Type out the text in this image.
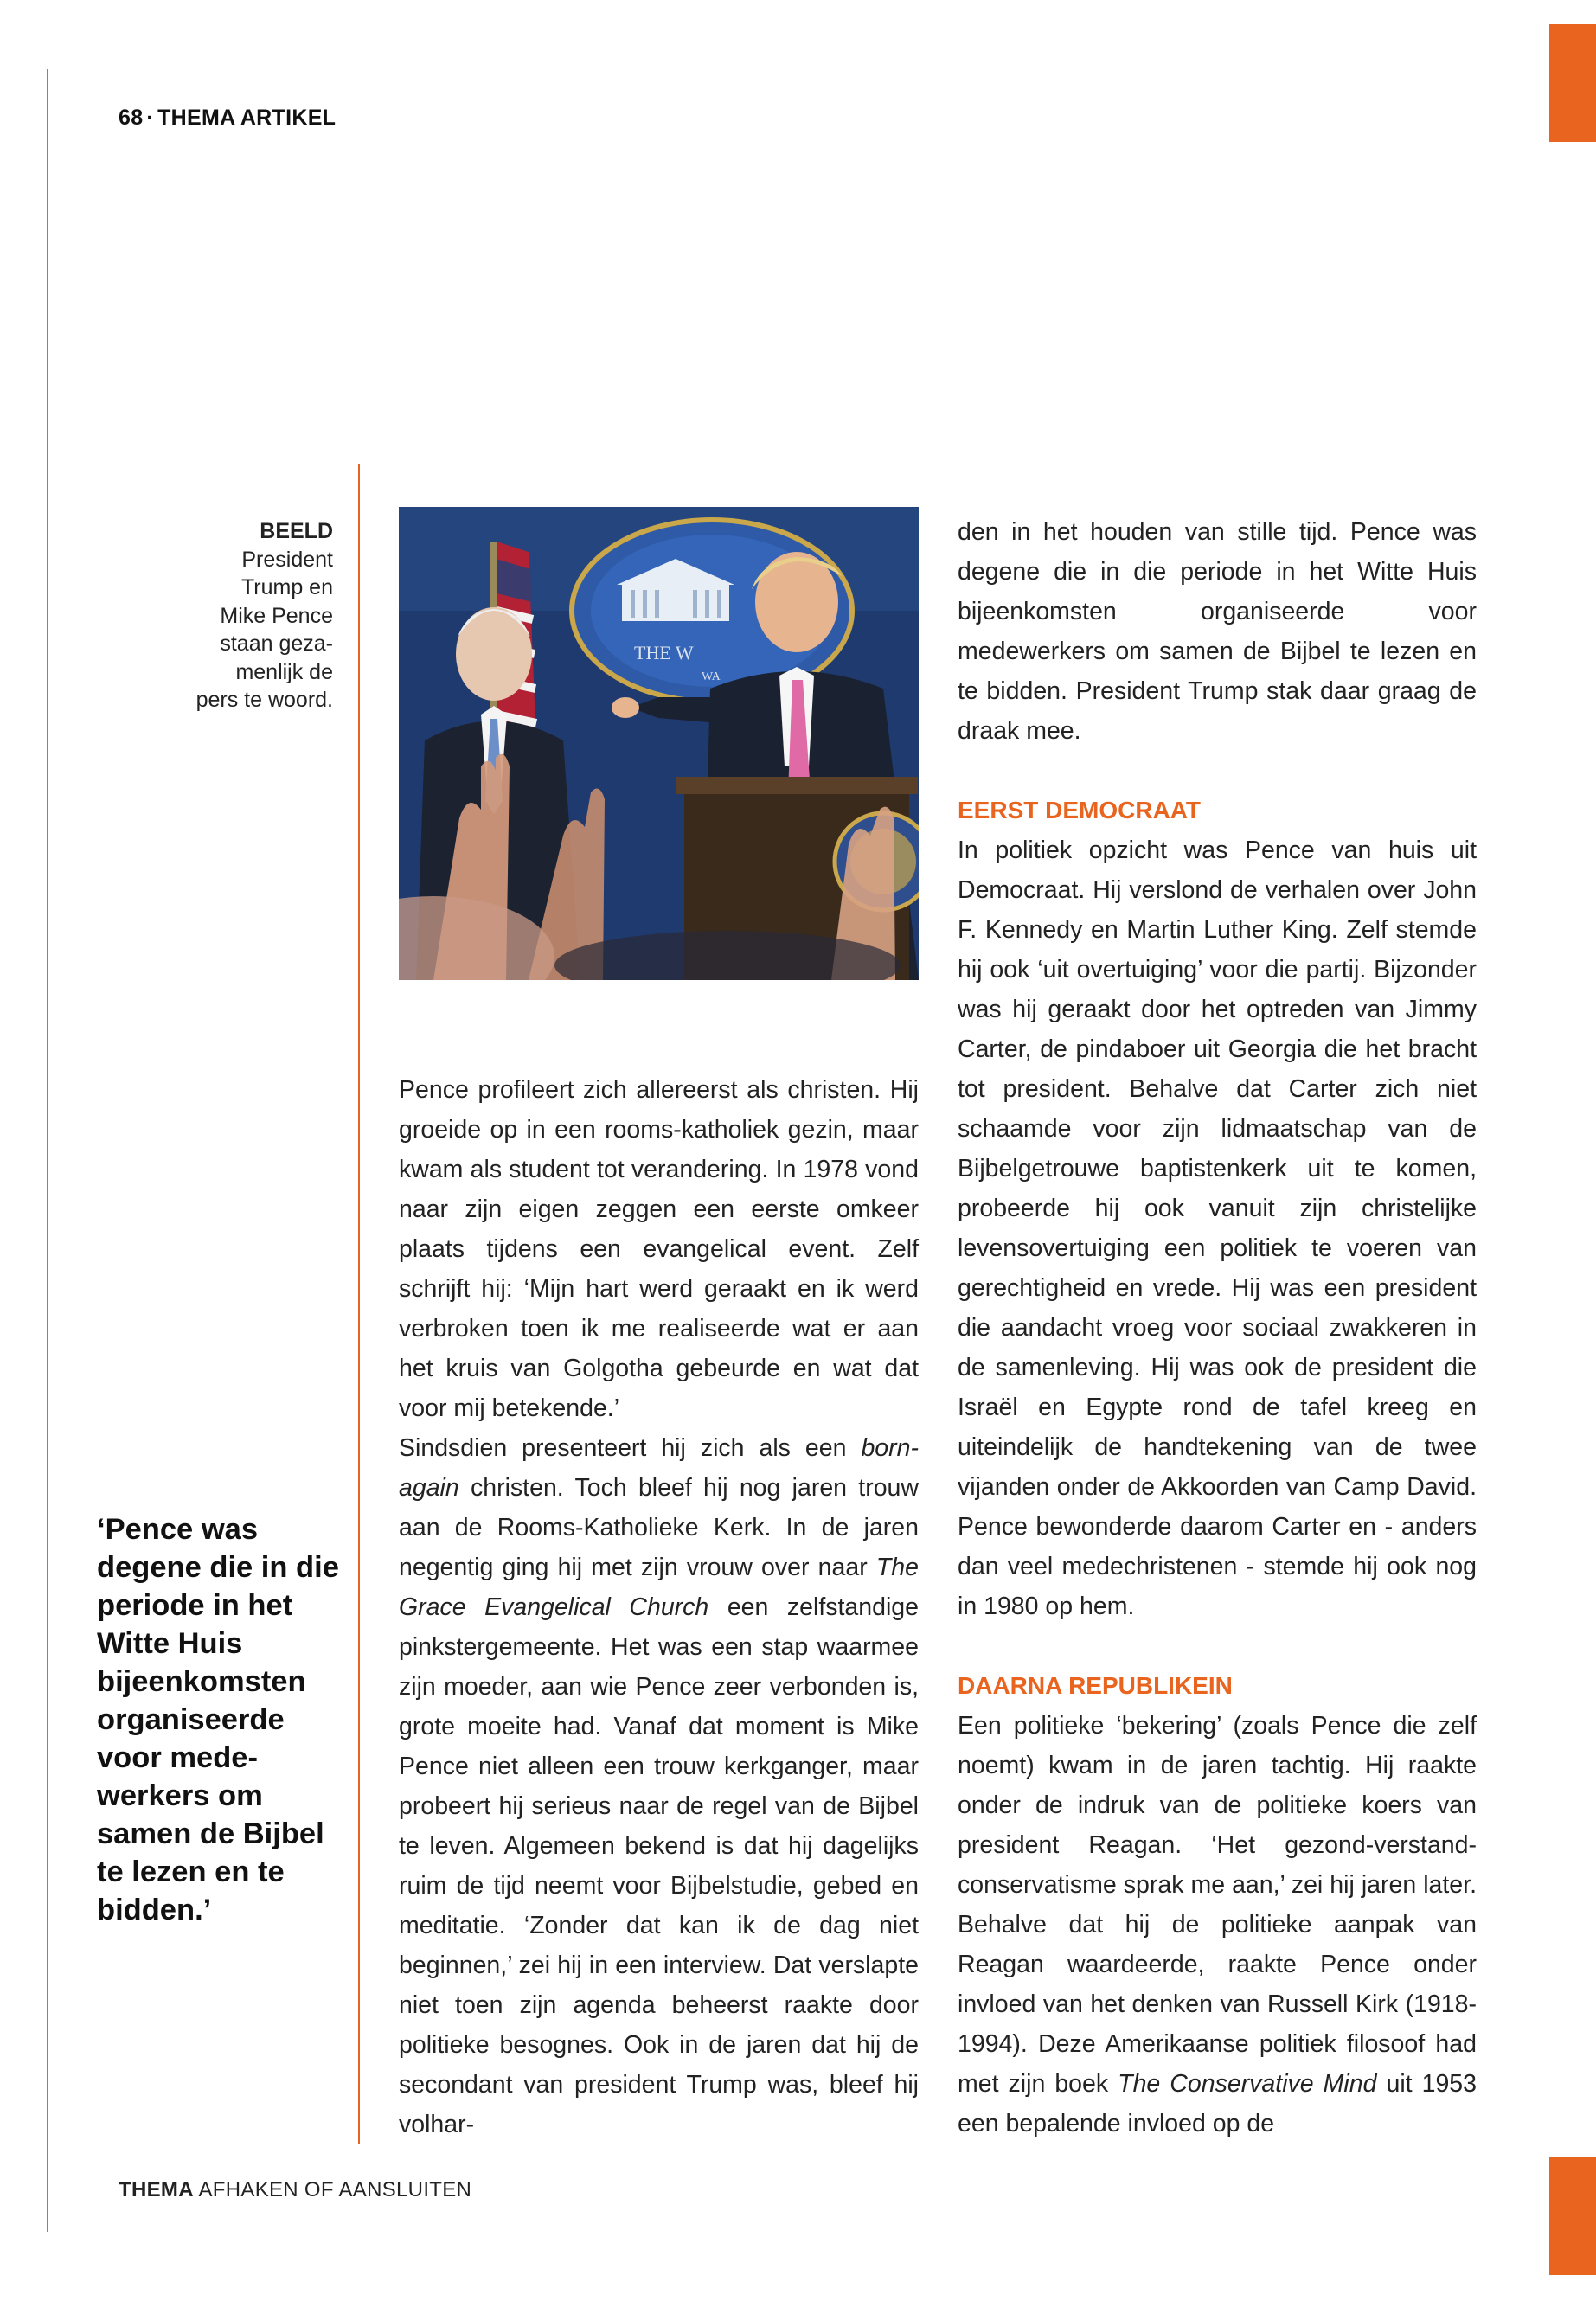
68 · THEMA ARTIKEL
BEELD
President
Trump en
Mike Pence
staan geza-
menlijk de
pers te woord.
THE W
WA
‘Pence was degene die in die periode in het Witte Huis bijeenkomsten organiseerde voor mede-werkers om samen de Bijbel te lezen en te bidden.’

Pence profileert zich allereerst als christen. Hij groeide op in een rooms-katholiek gezin, maar kwam als student tot verandering. In 1978 vond naar zijn eigen zeggen een eerste omkeer plaats tijdens een evangelical event. Zelf schrijft hij: ‘Mijn hart werd geraakt en ik werd verbroken toen ik me realiseerde wat er aan het kruis van Golgotha gebeurde en wat dat voor mij betekende.’

Sindsdien presenteert hij zich als een born-again christen. Toch bleef hij nog jaren trouw aan de Rooms-Katholieke Kerk. In de jaren negentig ging hij met zijn vrouw over naar The Grace Evangelical Church een zelfstandige pinkstergemeente. Het was een stap waarmee zijn moeder, aan wie Pence zeer verbonden is, grote moeite had. Vanaf dat moment is Mike Pence niet alleen een trouw kerkganger, maar probeert hij serieus naar de regel van de Bijbel te leven. Algemeen bekend is dat hij dagelijks ruim de tijd neemt voor Bijbelstudie, gebed en meditatie. ‘Zonder dat kan ik de dag niet beginnen,’ zei hij in een interview. Dat verslapte niet toen zijn agenda beheerst raakte door politieke besognes. Ook in de jaren dat hij de secondant van president Trump was, bleef hij volhar-

den in het houden van stille tijd. Pence was degene die in die periode in het Witte Huis bijeenkomsten organiseerde voor medewerkers om samen de Bijbel te lezen en te bidden. President Trump stak daar graag de draak mee.

EERST DEMOCRAAT

In politiek opzicht was Pence van huis uit Democraat. Hij verslond de verhalen over John F. Kennedy en Martin Luther King. Zelf stemde hij ook ‘uit overtuiging’ voor die partij. Bijzonder was hij geraakt door het optreden van Jimmy Carter, de pindaboer uit Georgia die het bracht tot president. Behalve dat Carter zich niet schaamde voor zijn lidmaatschap van de Bijbelgetrouwe baptistenkerk uit te komen, probeerde hij ook vanuit zijn christelijke levensovertuiging een politiek te voeren van gerechtigheid en vrede. Hij was een president die aandacht vroeg voor sociaal zwakkeren in de samenleving. Hij was ook de president die Israël en Egypte rond de tafel kreeg en uiteindelijk de handtekening van de twee vijanden onder de Akkoorden van Camp David. Pence bewonderde daarom Carter en - anders dan veel medechristenen - stemde hij ook nog in 1980 op hem.

DAARNA REPUBLIKEIN

Een politieke ‘bekering’ (zoals Pence die zelf noemt) kwam in de jaren tachtig. Hij raakte onder de indruk van de politieke koers van president Reagan. ‘Het gezond-verstand-conservatisme sprak me aan,’ zei hij jaren later. Behalve dat hij de politieke aanpak van Reagan waardeerde, raakte Pence onder invloed van het denken van Russell Kirk (1918-1994). Deze Amerikaanse politiek filosoof had met zijn boek The Conservative Mind uit 1953 een bepalende invloed op de

THEMA AFHAKEN OF AANSLUITEN
